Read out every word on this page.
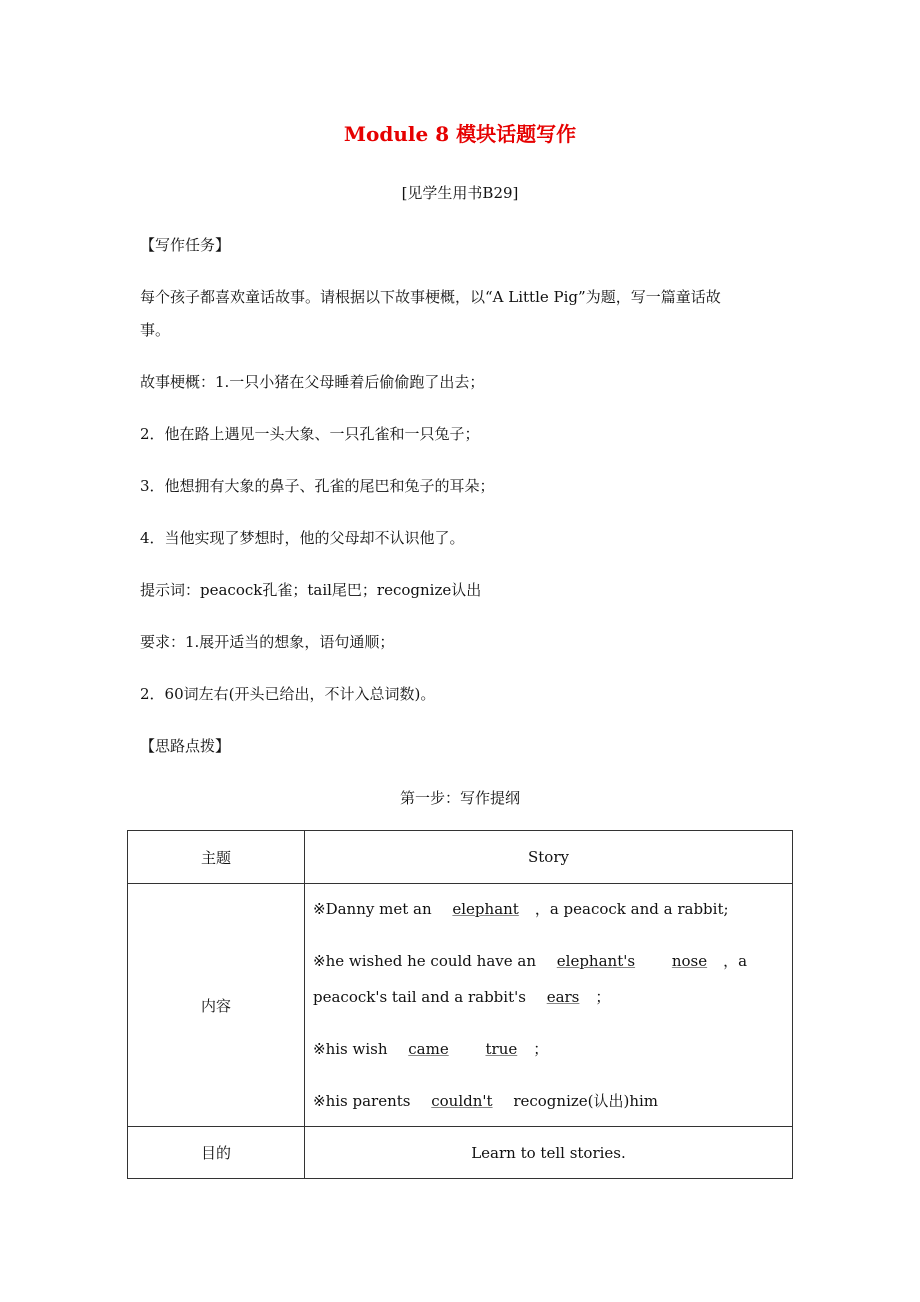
Module 8 模块话题写作
[见学生用书B29]
【写作任务】
每个孩子都喜欢童话故事。请根据以下故事梗概，以“A Little Pig”为题，写一篇童话故
事。
故事梗概：1.一只小猪在父母睡着后偷偷跑了出去；
2．他在路上遇见一头大象、一只孔雀和一只兔子；
3．他想拥有大象的鼻子、孔雀的尾巴和兔子的耳朵；
4．当他实现了梦想时，他的父母却不认识他了。
提示词：peacock孔雀；tail尾巴；recognize认出
要求：1.展开适当的想象，语句通顺；
2．60词左右(开头已给出，不计入总词数)。
【思路点拨】
第一步：写作提纲
主题	Story
内容	※Danny met an elephant ，a peacock and a rabbit;

※he wished he could have an elephant's nose ，a

peacock's tail and a rabbit's ears ；

※his wish came true ；

※his parents couldn't recognize(认出)him

目的	Learn to tell stories.
